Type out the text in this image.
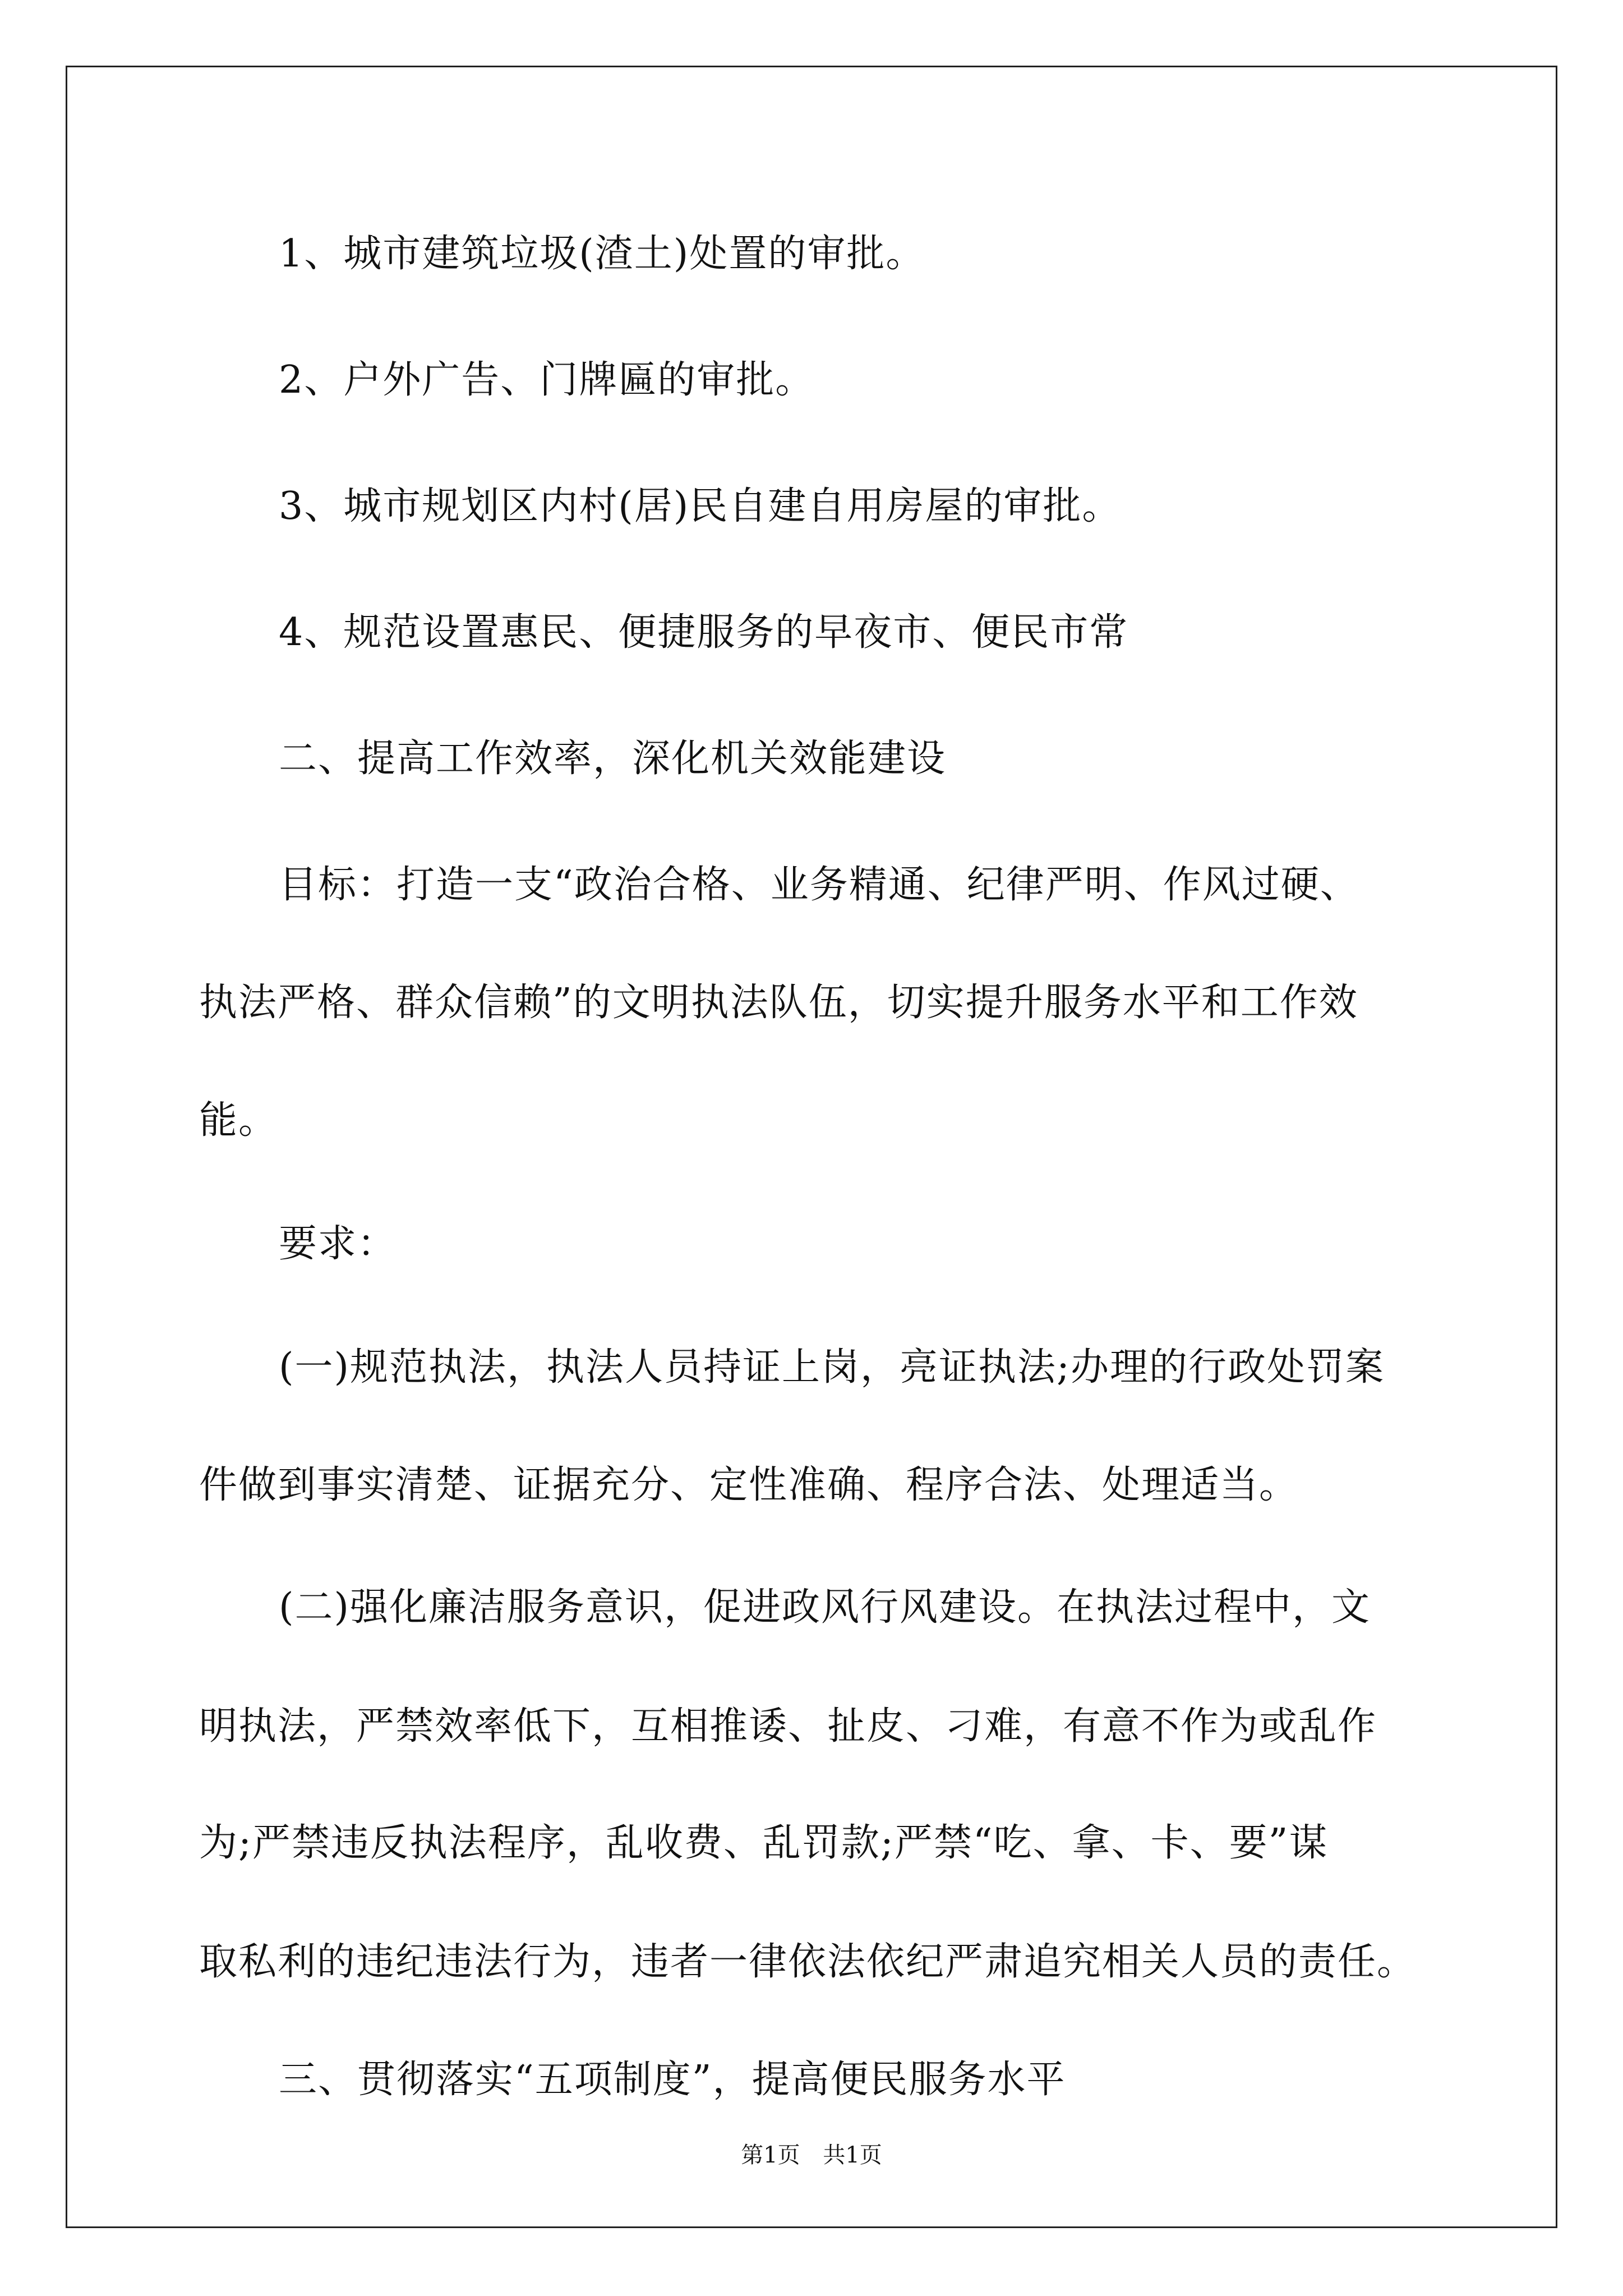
1、城市建筑垃圾(渣土)处置的审批。

2、户外广告、门牌匾的审批。

3、城市规划区内村(居)民自建自用房屋的审批。

4、规范设置惠民、便捷服务的早夜市、便民市常

二、提高工作效率，深化机关效能建设

目标：打造一支“政治合格、业务精通、纪律严明、作风过硬、

执法严格、群众信赖”的文明执法队伍，切实提升服务水平和工作效

能。

要求：

(一)规范执法，执法人员持证上岗，亮证执法;办理的行政处罚案

件做到事实清楚、证据充分、定性准确、程序合法、处理适当。

(二)强化廉洁服务意识，促进政风行风建设。在执法过程中，文

明执法，严禁效率低下，互相推诿、扯皮、刁难，有意不作为或乱作

为;严禁违反执法程序，乱收费、乱罚款;严禁“吃、拿、卡、要”谋

取私利的违纪违法行为，违者一律依法依纪严肃追究相关人员的责任。

三、贯彻落实“五项制度”，提高便民服务水平

第1页 共1页
